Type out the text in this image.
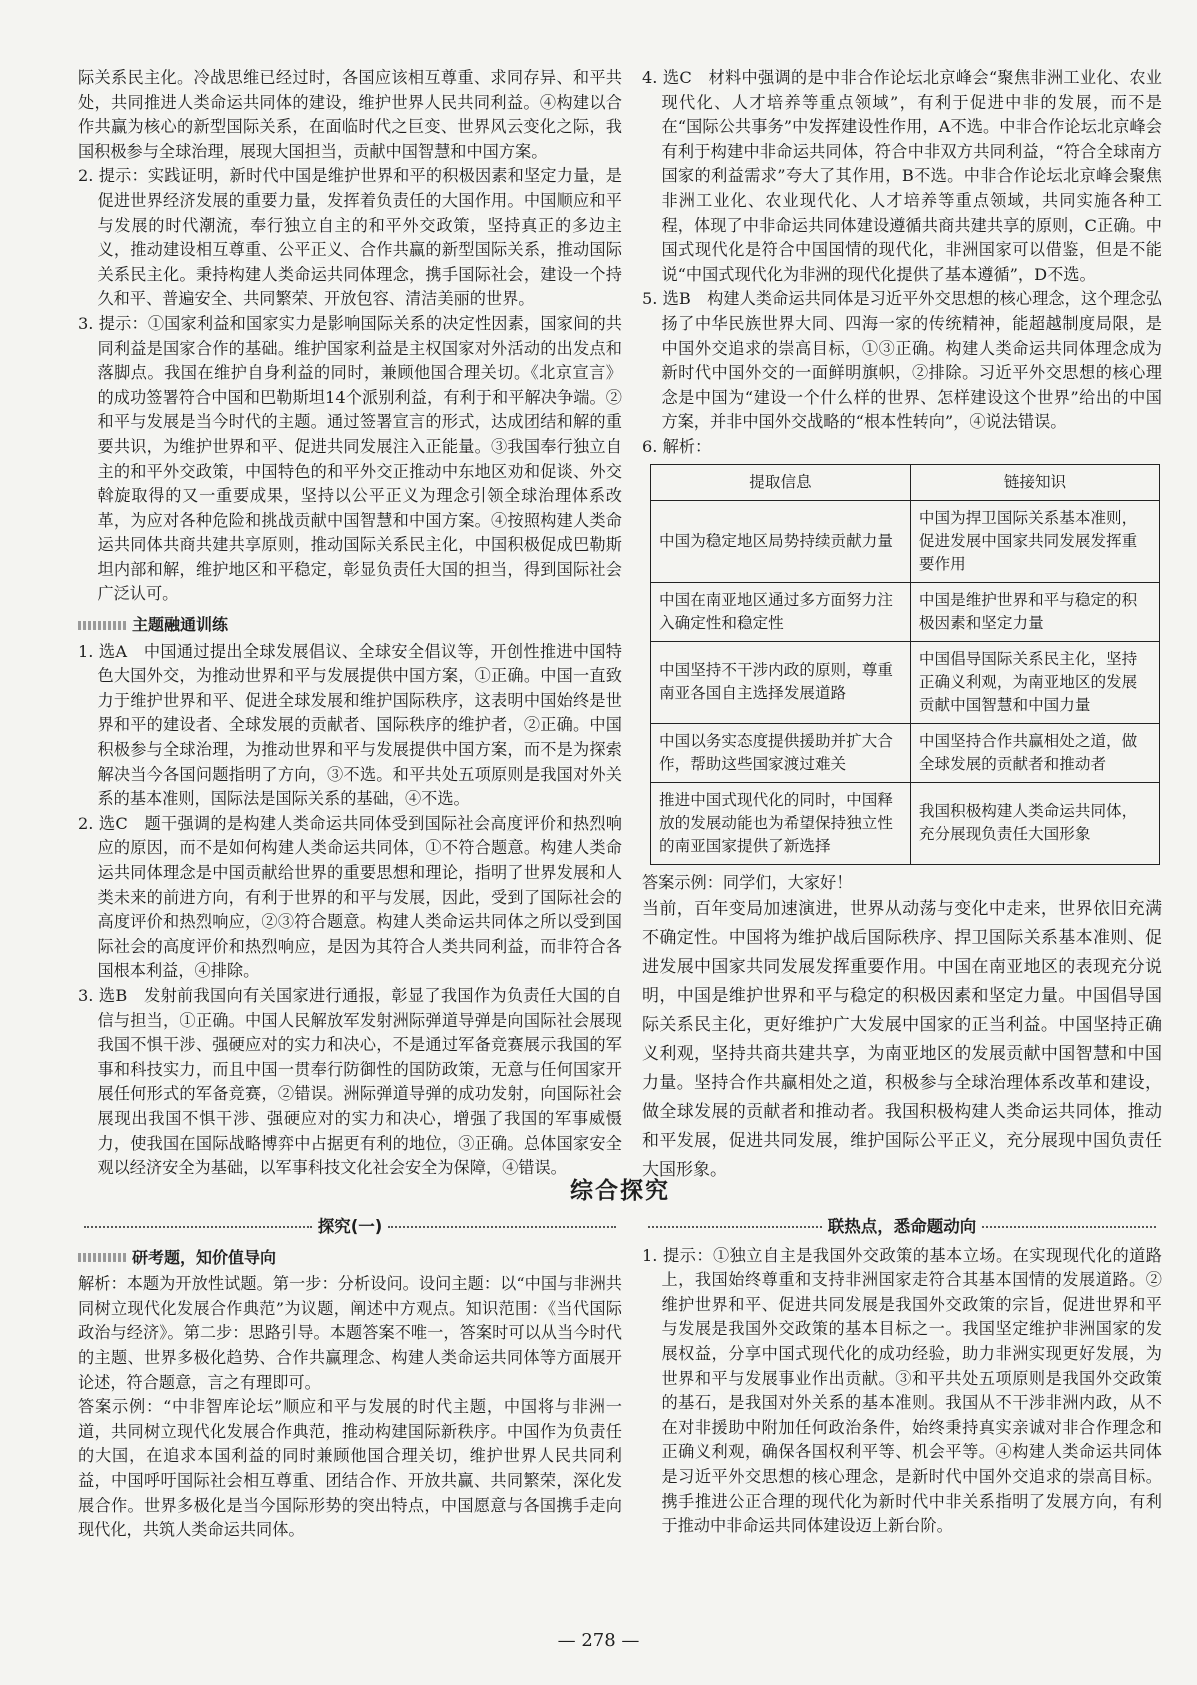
际关系民主化。冷战思维已经过时，各国应该相互尊重、求同存异、和平共处，共同推进人类命运共同体的建设，维护世界人民共同利益。④构建以合作共赢为核心的新型国际关系，在面临时代之巨变、世界风云变化之际，我国积极参与全球治理，展现大国担当，贡献中国智慧和中国方案。

2. 提示：实践证明，新时代中国是维护世界和平的积极因素和坚定力量，是促进世界经济发展的重要力量，发挥着负责任的大国作用。中国顺应和平与发展的时代潮流，奉行独立自主的和平外交政策，坚持真正的多边主义，推动建设相互尊重、公平正义、合作共赢的新型国际关系，推动国际关系民主化。秉持构建人类命运共同体理念，携手国际社会，建设一个持久和平、普遍安全、共同繁荣、开放包容、清洁美丽的世界。

3. 提示：①国家利益和国家实力是影响国际关系的决定性因素，国家间的共同利益是国家合作的基础。维护国家利益是主权国家对外活动的出发点和落脚点。我国在维护自身利益的同时，兼顾他国合理关切。《北京宣言》的成功签署符合中国和巴勒斯坦14个派别利益，有利于和平解决争端。②和平与发展是当今时代的主题。通过签署宣言的形式，达成团结和解的重要共识，为维护世界和平、促进共同发展注入正能量。③我国奉行独立自主的和平外交政策，中国特色的和平外交正推动中东地区劝和促谈、外交斡旋取得的又一重要成果，坚持以公平正义为理念引领全球治理体系改革，为应对各种危险和挑战贡献中国智慧和中国方案。④按照构建人类命运共同体共商共建共享原则，推动国际关系民主化，中国积极促成巴勒斯坦内部和解，维护地区和平稳定，彰显负责任大国的担当，得到国际社会广泛认可。

主题融通训练

1. 选A　中国通过提出全球发展倡议、全球安全倡议等，开创性推进中国特色大国外交，为推动世界和平与发展提供中国方案，①正确。中国一直致力于维护世界和平、促进全球发展和维护国际秩序，这表明中国始终是世界和平的建设者、全球发展的贡献者、国际秩序的维护者，②正确。中国积极参与全球治理，为推动世界和平与发展提供中国方案，而不是为探索解决当今各国问题指明了方向，③不选。和平共处五项原则是我国对外关系的基本准则，国际法是国际关系的基础，④不选。

2. 选C　题干强调的是构建人类命运共同体受到国际社会高度评价和热烈响应的原因，而不是如何构建人类命运共同体，①不符合题意。构建人类命运共同体理念是中国贡献给世界的重要思想和理论，指明了世界发展和人类未来的前进方向，有利于世界的和平与发展，因此，受到了国际社会的高度评价和热烈响应，②③符合题意。构建人类命运共同体之所以受到国际社会的高度评价和热烈响应，是因为其符合人类共同利益，而非符合各国根本利益，④排除。

3. 选B　发射前我国向有关国家进行通报，彰显了我国作为负责任大国的自信与担当，①正确。中国人民解放军发射洲际弹道导弹是向国际社会展现我国不惧干涉、强硬应对的实力和决心，不是通过军备竞赛展示我国的军事和科技实力，而且中国一贯奉行防御性的国防政策，无意与任何国家开展任何形式的军备竞赛，②错误。洲际弹道导弹的成功发射，向国际社会展现出我国不惧干涉、强硬应对的实力和决心，增强了我国的军事威慑力，使我国在国际战略博弈中占据更有利的地位，③正确。总体国家安全观以经济安全为基础，以军事科技文化社会安全为保障，④错误。

4. 选C　材料中强调的是中非合作论坛北京峰会“聚焦非洲工业化、农业现代化、人才培养等重点领域”，有利于促进中非的发展，而不是在“国际公共事务”中发挥建设性作用，A不选。中非合作论坛北京峰会有利于构建中非命运共同体，符合中非双方共同利益，“符合全球南方国家的利益需求”夸大了其作用，B不选。中非合作论坛北京峰会聚焦非洲工业化、农业现代化、人才培养等重点领域，共同实施各种工程，体现了中非命运共同体建设遵循共商共建共享的原则，C正确。中国式现代化是符合中国国情的现代化，非洲国家可以借鉴，但是不能说“中国式现代化为非洲的现代化提供了基本遵循”，D不选。

5. 选B　构建人类命运共同体是习近平外交思想的核心理念，这个理念弘扬了中华民族世界大同、四海一家的传统精神，能超越制度局限，是中国外交追求的崇高目标，①③正确。构建人类命运共同体理念成为新时代中国外交的一面鲜明旗帜，②排除。习近平外交思想的核心理念是中国为“建设一个什么样的世界、怎样建设这个世界”给出的中国方案，并非中国外交战略的“根本性转向”，④说法错误。

6. 解析：

提取信息	链接知识
中国为稳定地区局势持续贡献力量	中国为捍卫国际关系基本准则，促进发展中国家共同发展发挥重要作用
中国在南亚地区通过多方面努力注入确定性和稳定性	中国是维护世界和平与稳定的积极因素和坚定力量
中国坚持不干涉内政的原则，尊重南亚各国自主选择发展道路	中国倡导国际关系民主化，坚持正确义利观，为南亚地区的发展贡献中国智慧和中国力量
中国以务实态度提供援助并扩大合作，帮助这些国家渡过难关	中国坚持合作共赢相处之道，做全球发展的贡献者和推动者
推进中国式现代化的同时，中国释放的发展动能也为希望保持独立性的南亚国家提供了新选择	我国积极构建人类命运共同体，充分展现负责任大国形象

答案示例：同学们，大家好！

当前，百年变局加速演进，世界从动荡与变化中走来，世界依旧充满不确定性。中国将为维护战后国际秩序、捍卫国际关系基本准则、促进发展中国家共同发展发挥重要作用。中国在南亚地区的表现充分说明，中国是维护世界和平与稳定的积极因素和坚定力量。中国倡导国际关系民主化，更好维护广大发展中国家的正当利益。中国坚持正确义利观，坚持共商共建共享，为南亚地区的发展贡献中国智慧和中国力量。坚持合作共赢相处之道，积极参与全球治理体系改革和建设，做全球发展的贡献者和推动者。我国积极构建人类命运共同体，推动和平发展，促进共同发展，维护国际公平正义，充分展现中国负责任大国形象。

综合探究
探究(一)
研考题，知价值导向

解析：本题为开放性试题。第一步：分析设问。设问主题：以“中国与非洲共同树立现代化发展合作典范”为议题，阐述中方观点。知识范围：《当代国际政治与经济》。第二步：思路引导。本题答案不唯一，答案时可以从当今时代的主题、世界多极化趋势、合作共赢理念、构建人类命运共同体等方面展开论述，符合题意，言之有理即可。

答案示例：“中非智库论坛”顺应和平与发展的时代主题，中国将与非洲一道，共同树立现代化发展合作典范，推动构建国际新秩序。中国作为负责任的大国，在追求本国利益的同时兼顾他国合理关切，维护世界人民共同利益，中国呼吁国际社会相互尊重、团结合作、开放共赢、共同繁荣，深化发展合作。世界多极化是当今国际形势的突出特点，中国愿意与各国携手走向现代化，共筑人类命运共同体。

联热点，悉命题动向

1. 提示：①独立自主是我国外交政策的基本立场。在实现现代化的道路上，我国始终尊重和支持非洲国家走符合其基本国情的发展道路。②维护世界和平、促进共同发展是我国外交政策的宗旨，促进世界和平与发展是我国外交政策的基本目标之一。我国坚定维护非洲国家的发展权益，分享中国式现代化的成功经验，助力非洲实现更好发展，为世界和平与发展事业作出贡献。③和平共处五项原则是我国外交政策的基石，是我国对外关系的基本准则。我国从不干涉非洲内政，从不在对非援助中附加任何政治条件，始终秉持真实亲诚对非合作理念和正确义利观，确保各国权利平等、机会平等。④构建人类命运共同体是习近平外交思想的核心理念，是新时代中国外交追求的崇高目标。携手推进公正合理的现代化为新时代中非关系指明了发展方向，有利于推动中非命运共同体建设迈上新台阶。

— 278 —
